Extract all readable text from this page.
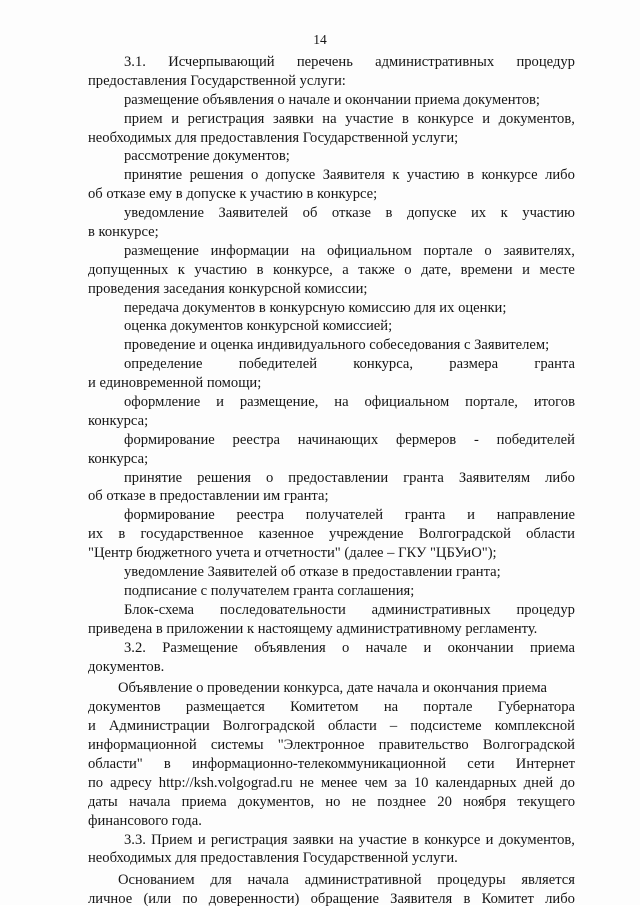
14
3.1. Исчерпывающий перечень административных процедур
предоставления Государственной услуги:
размещение объявления о начале и окончании приема документов;
прием и регистрация заявки на участие в конкурсе и документов,
необходимых для предоставления Государственной услуги;
рассмотрение документов;
принятие решения о допуске Заявителя к участию в конкурсе либо
об отказе ему в допуске к участию в конкурсе;
уведомление Заявителей об отказе в допуске их к участию
в конкурсе;
размещение информации на официальном портале о заявителях,
допущенных к участию в конкурсе, а также о дате, времени и месте
проведения заседания конкурсной комиссии;
передача документов в конкурсную комиссию для их оценки;
оценка документов конкурсной комиссией;
проведение и оценка индивидуального собеседования с Заявителем;
определение победителей конкурса, размера гранта
и единовременной помощи;
оформление и размещение, на официальном портале, итогов
конкурса;
формирование реестра начинающих фермеров - победителей
конкурса;
принятие решения о предоставлении гранта Заявителям либо
об отказе в предоставлении им гранта;
формирование реестра получателей гранта и направление
их в государственное казенное учреждение Волгоградской области
"Центр бюджетного учета и отчетности" (далее – ГКУ "ЦБУиО");
уведомление Заявителей об отказе в предоставлении гранта;
подписание с получателем гранта соглашения;
Блок-схема последовательности административных процедур
приведена в приложении к настоящему административному регламенту.
3.2. Размещение объявления о начале и окончании приема
документов.
Объявление о проведении конкурса, дате начала и окончания приема
документов размещается Комитетом на портале Губернатора
и Администрации Волгоградской области – подсистеме комплексной
информационной системы "Электронное правительство Волгоградской
области" в информационно-телекоммуникационной сети Интернет
по адресу http://ksh.volgograd.ru не менее чем за 10 календарных дней до
даты начала приема документов, но не позднее 20 ноября текущего
финансового года.
3.3. Прием и регистрация заявки на участие в конкурсе и документов,
необходимых для предоставления Государственной услуги.
Основанием для начала административной процедуры является
личное (или по доверенности) обращение Заявителя в Комитет либо
